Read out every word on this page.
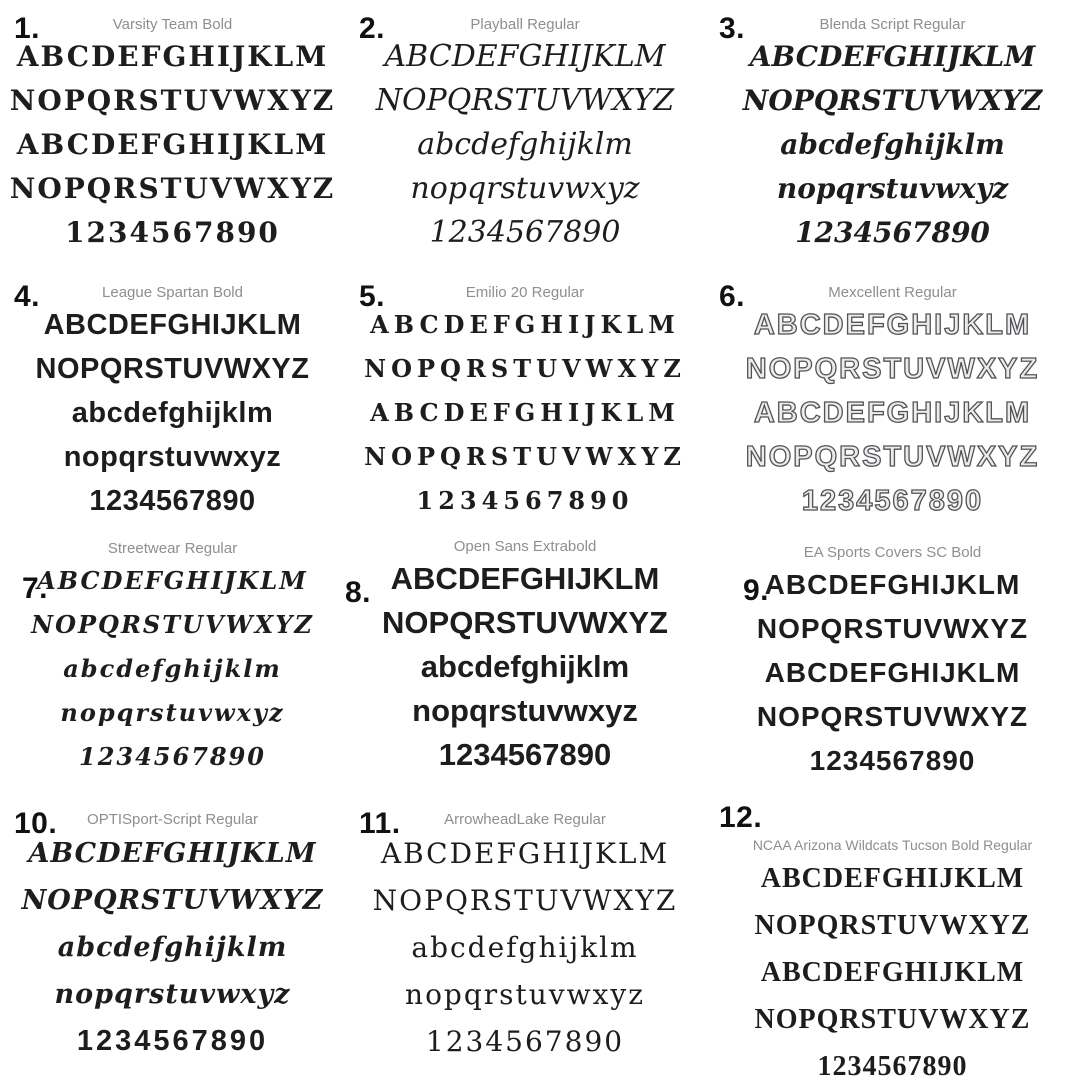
1.	Varsity Team Bold
ABCDEFGHIJKLM
NOPQRSTUVWXYZ
ABCDEFGHIJKLM
NOPQRSTUVWXYZ
1234567890
2.	Playball Regular
ABCDEFGHIJKLM
NOPQRSTUVWXYZ
abcdefghijklm
nopqrstuvwxyz
1234567890
3.	Blenda Script Regular
ABCDEFGHIJKLM
NOPQRSTUVWXYZ
abcdefghijklm
nopqrstuvwxyz
1234567890
4.	League Spartan Bold
ABCDEFGHIJKLM
NOPQRSTUVWXYZ
abcdefghijklm
nopqrstuvwxyz
1234567890
5.	Emilio 20 Regular
ABCDEFGHIJKLM
NOPQRSTUVWXYZ
ABCDEFGHIJKLM
NOPQRSTUVWXYZ
1234567890
6.	Mexcellent Regular
ABCDEFGHIJKLM
NOPQRSTUVWXYZ
ABCDEFGHIJKLM
NOPQRSTUVWXYZ
1234567890
Streetwear Regular
7.
ABCDEFGHIJKLM
NOPQRSTUVWXYZ
abcdefghijklm
nopqrstuvwxyz
1234567890
Open Sans Extrabold
8. ABCDEFGHIJKLM
NOPQRSTUVWXYZ
abcdefghijklm
nopqrstuvwxyz
1234567890
EA Sports Covers SC Bold
9.
ABCDEFGHIJKLM
NOPQRSTUVWXYZ
ABCDEFGHIJKLM
NOPQRSTUVWXYZ
1234567890
10.	OPTISport-Script Regular
ABCDEFGHIJKLM
NOPQRSTUVWXYZ
abcdefghijklm
nopqrstuvwxyz
1234567890
11.	ArrowheadLake Regular
ABCDEFGHIJKLM
NOPQRSTUVWXYZ
abcdefghijklm
nopqrstuvwxyz
1234567890
12.
NCAA Arizona Wildcats Tucson Bold Regular
ABCDEFGHIJKLM
NOPQRSTUVWXYZ
ABCDEFGHIJKLM
NOPQRSTUVWXYZ
1234567890
